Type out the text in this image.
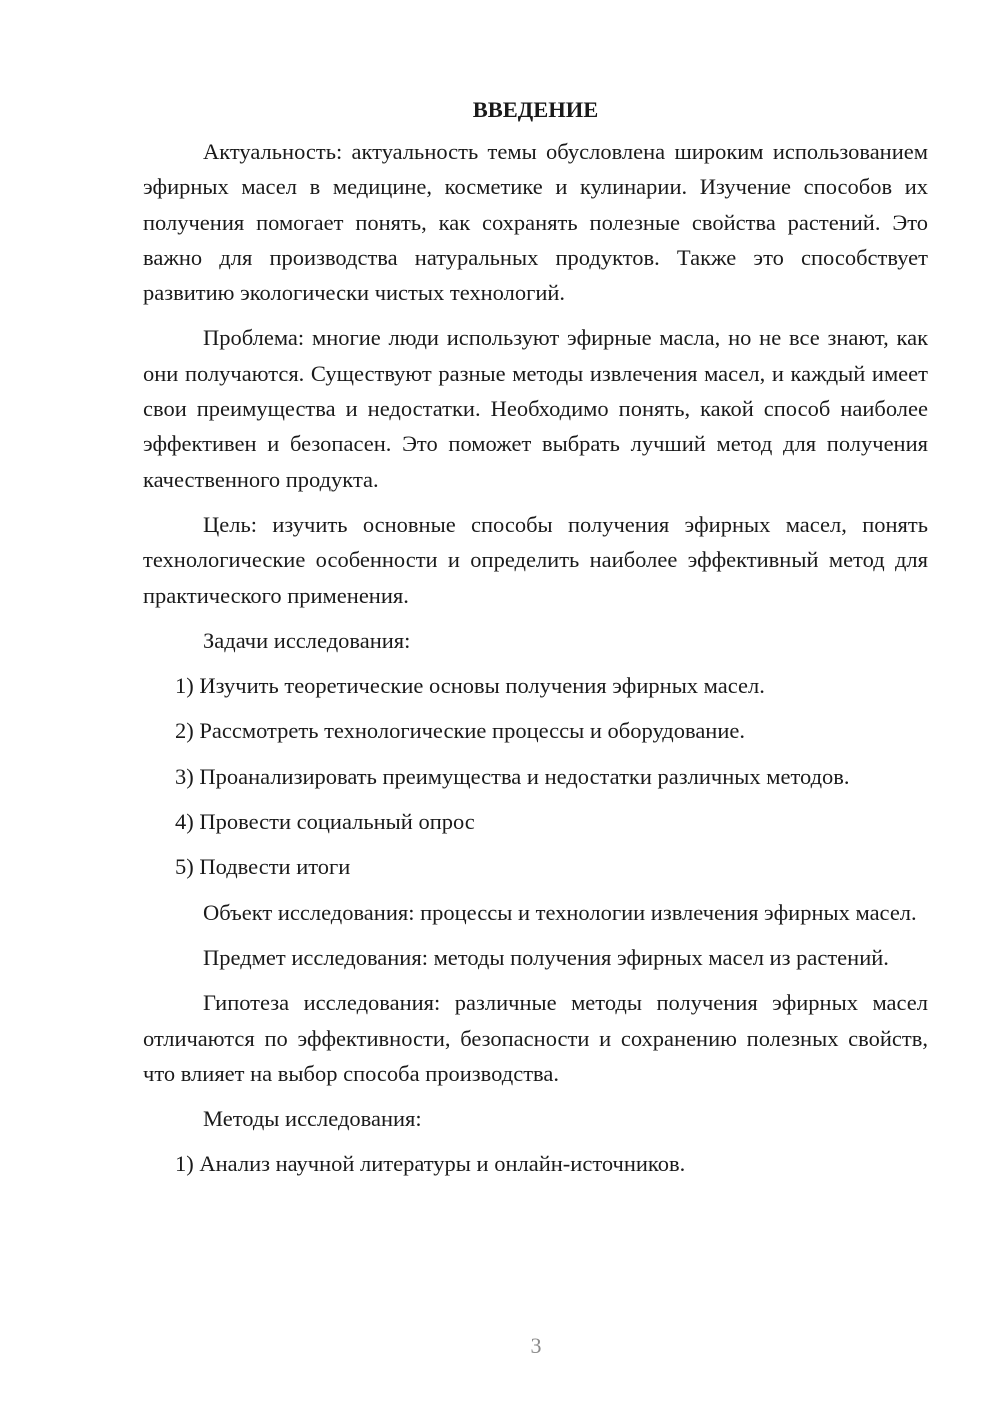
ВВЕДЕНИЕ

Актуальность: актуальность темы обусловлена широким использованием эфирных масел в медицине, косметике и кулинарии. Изучение способов их получения помогает понять, как сохранять полезные свойства растений. Это важно для производства натуральных продуктов. Также это способствует развитию экологически чистых технологий.

Проблема: многие люди используют эфирные масла, но не все знают, как они получаются. Существуют разные методы извлечения масел, и каждый имеет свои преимущества и недостатки. Необходимо понять, какой способ наиболее эффективен и безопасен. Это поможет выбрать лучший метод для получения качественного продукта.

Цель: изучить основные способы получения эфирных масел, понять технологические особенности и определить наиболее эффективный метод для практического применения.

Задачи исследования:

1) Изучить теоретические основы получения эфирных масел.

2) Рассмотреть технологические процессы и оборудование.

3) Проанализировать преимущества и недостатки различных методов.

4) Провести социальный опрос

5) Подвести итоги

Объект исследования: процессы и технологии извлечения эфирных масел.

Предмет исследования: методы получения эфирных масел из растений.

Гипотеза исследования: различные методы получения эфирных масел отличаются по эффективности, безопасности и сохранению полезных свойств, что влияет на выбор способа производства.

Методы исследования:

1) Анализ научной литературы и онлайн-источников.

3
